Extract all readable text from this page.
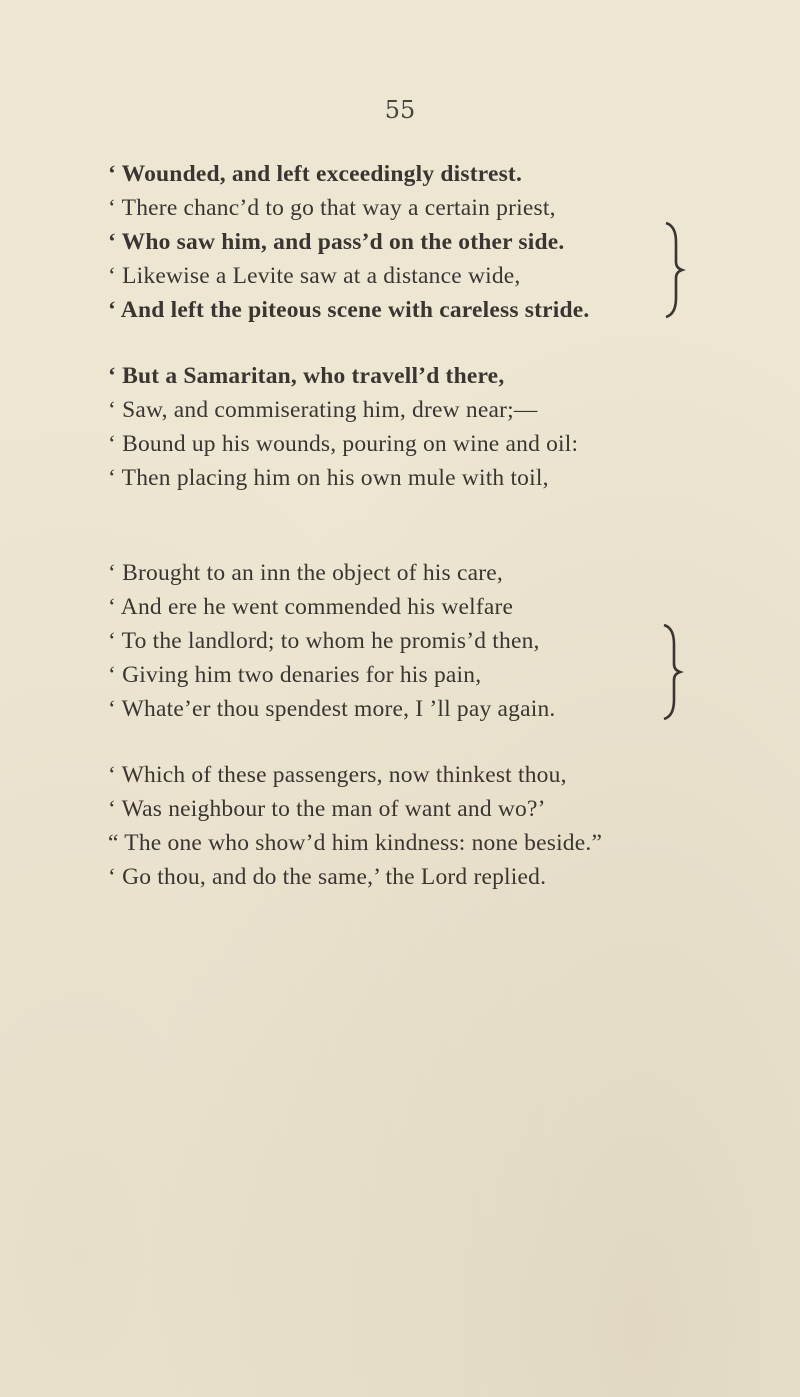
55
‘ Wounded, and left exceedingly distrest.
‘ There chanc’d to go that way a certain priest,
‘ Who saw him, and pass’d on the other side.
‘ Likewise a Levite saw at a distance wide,
‘ And left the piteous scene with careless stride.
‘ But a Samaritan, who travell’d there,
‘ Saw, and commiserating him, drew near;—
‘ Bound up his wounds, pouring on wine and oil:
‘ Then placing him on his own mule with toil,
‘ Brought to an inn the object of his care,
‘ And ere he went commended his welfare
‘ To the landlord; to whom he promis’d then,
‘ Giving him two denaries for his pain,
‘ Whate’er thou spendest more, I ’ll pay again.
‘ Which of these passengers, now thinkest thou,
‘ Was neighbour to the man of want and wo?’
“ The one who show’d him kindness: none beside.”
‘ Go thou, and do the same,’ the Lord replied.
